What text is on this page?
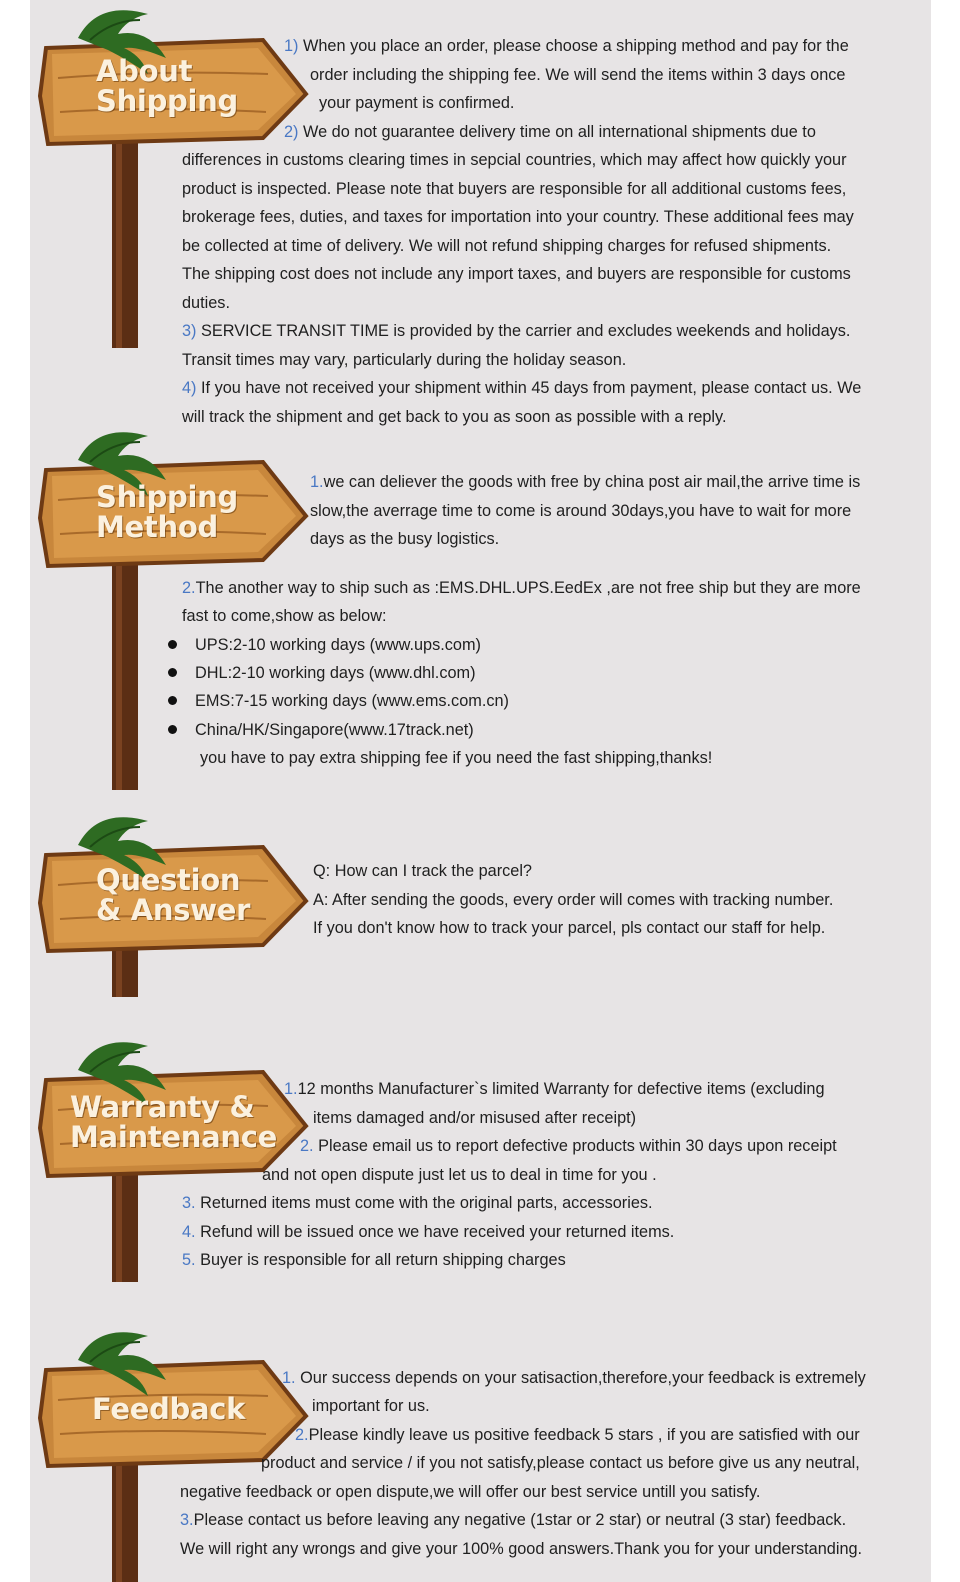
About
Shipping
1) When you place an order, please choose a shipping method and pay for the
order including the shipping fee. We will send the items within 3 days once
your payment is confirmed.
2) We do not guarantee delivery time on all international shipments due to
differences in customs clearing times in sepcial countries, which may affect how quickly your
product is inspected. Please note that buyers are responsible for all additional customs fees,
brokerage fees, duties, and taxes for importation into your country. These additional fees may
be collected at time of delivery. We will not refund shipping charges for refused shipments.
The shipping cost does not include any import taxes, and buyers are responsible for customs
duties.
3) SERVICE TRANSIT TIME is provided by the carrier and excludes weekends and holidays.
Transit times may vary, particularly during the holiday season.
4) If you have not received your shipment within 45 days from payment, please contact us. We
will track the shipment and get back to you as soon as possible with a reply.
Shipping
Method
1.we can deliever the goods with free by china post air mail,the arrive time is
slow,the averrage time to come is around 30days,you have to wait for more
days as the busy logistics.
2.The another way to ship such as :EMS.DHL.UPS.EedEx ,are not free ship but they are more
fast to come,show as below:
UPS:2-10 working days (www.ups.com)
DHL:2-10 working days (www.dhl.com)
EMS:7-15 working days (www.ems.com.cn)
China/HK/Singapore(www.17track.net)
you have to pay extra shipping fee if you need the fast shipping,thanks!
Question
& Answer
Q: How can I track the parcel?
A: After sending the goods, every order will comes with tracking number.
If you don't know how to track your parcel, pls contact our staff for help.
Warranty &
Maintenance
1.12 months Manufacturer`s limited Warranty for defective items (excluding
items damaged and/or misused after receipt)
2. Please email us to report defective products within 30 days upon receipt
and not open dispute just let us to deal in time for you .
3. Returned items must come with the original parts, accessories.
4. Refund will be issued once we have received your returned items.
5. Buyer is responsible for all return shipping charges
Feedback
1. Our success depends on your satisaction,therefore,your feedback is extremely
important for us.
2.Please kindly leave us positive feedback 5 stars , if you are satisfied with our
product and service / if you not satisfy,please contact us before give us any neutral,
negative feedback or open dispute,we will offer our best service untill you satisfy.
3.Please contact us before leaving any negative (1star or 2 star) or neutral (3 star) feedback.
We will right any wrongs and give your 100% good answers.Thank you for your understanding.
